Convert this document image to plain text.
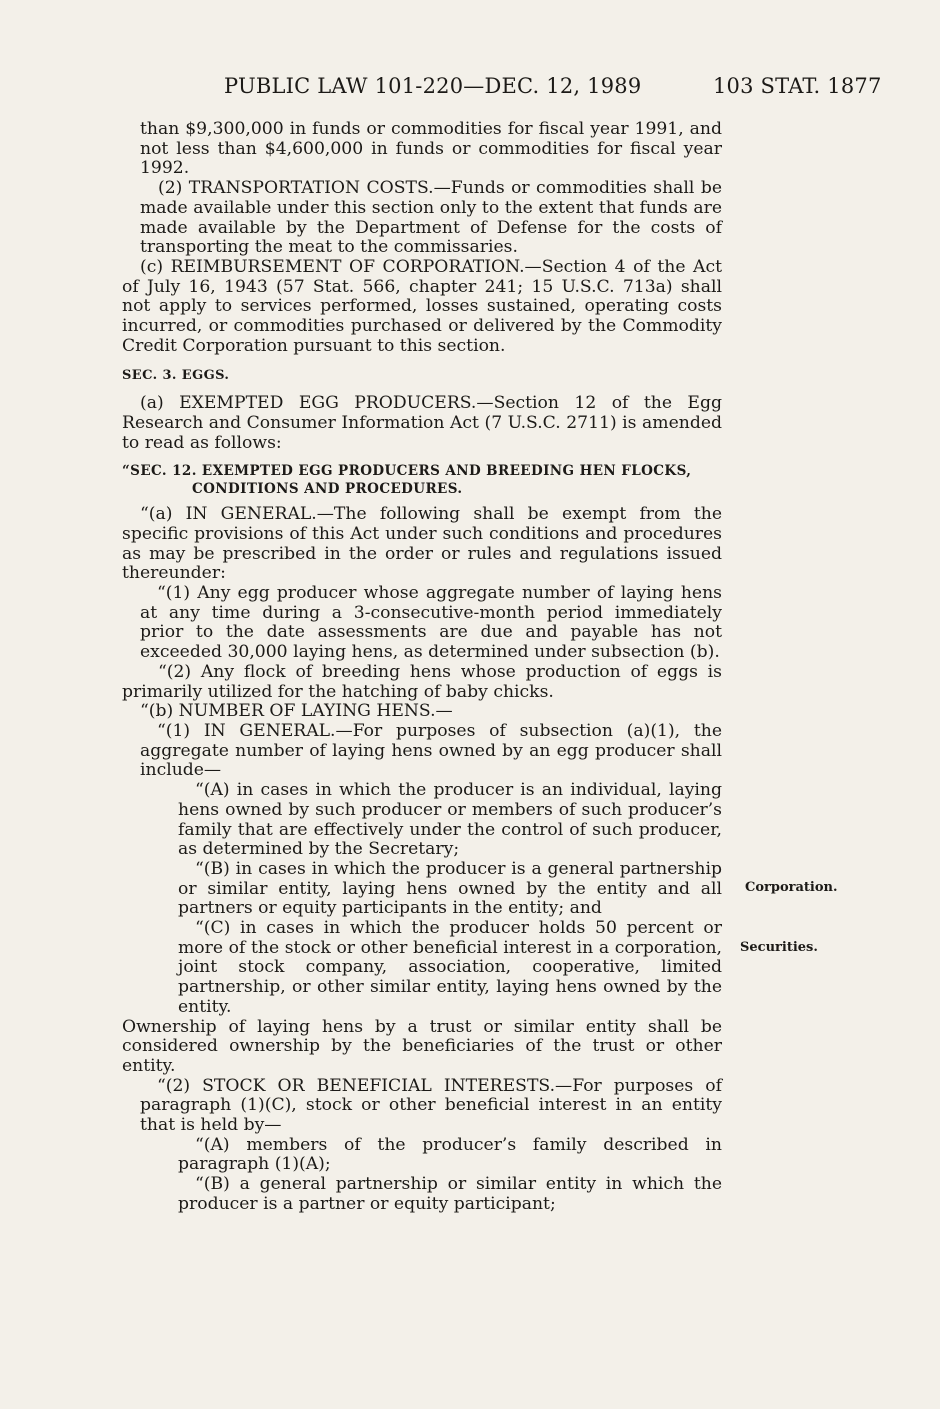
PUBLIC LAW 101-220—DEC. 12, 1989	103 STAT. 1877
Corporation.
Securities.

than $9,300,000 in funds or commodities for fiscal year 1991, and not less than $4,600,000 in funds or commodities for fiscal year 1992.

(2) TRANSPORTATION COSTS.—Funds or commodities shall be made available under this section only to the extent that funds are made available by the Department of Defense for the costs of transporting the meat to the commissaries.

(c) REIMBURSEMENT OF CORPORATION.—Section 4 of the Act of July 16, 1943 (57 Stat. 566, chapter 241; 15 U.S.C. 713a) shall not apply to services performed, losses sustained, operating costs incurred, or commodities purchased or delivered by the Commodity Credit Corporation pursuant to this section.

SEC. 3. EGGS.

(a) EXEMPTED EGG PRODUCERS.—Section 12 of the Egg Research and Consumer Information Act (7 U.S.C. 2711) is amended to read as follows:

“SEC. 12. EXEMPTED EGG PRODUCERS AND BREEDING HEN FLOCKS,
CONDITIONS AND PROCEDURES.

“(a) IN GENERAL.—The following shall be exempt from the specific provisions of this Act under such conditions and procedures as may be prescribed in the order or rules and regulations issued thereunder:

“(1) Any egg producer whose aggregate number of laying hens at any time during a 3-consecutive-month period immediately prior to the date assessments are due and payable has not exceeded 30,000 laying hens, as determined under subsection (b).

“(2) Any flock of breeding hens whose production of eggs is primarily utilized for the hatching of baby chicks.

“(b) NUMBER OF LAYING HENS.—

“(1) IN GENERAL.—For purposes of subsection (a)(1), the aggregate number of laying hens owned by an egg producer shall include—

“(A) in cases in which the producer is an individual, laying hens owned by such producer or members of such producer’s family that are effectively under the control of such producer, as determined by the Secretary;

“(B) in cases in which the producer is a general partnership or similar entity, laying hens owned by the entity and all partners or equity participants in the entity; and

“(C) in cases in which the producer holds 50 percent or more of the stock or other beneficial interest in a corporation, joint stock company, association, cooperative, limited partnership, or other similar entity, laying hens owned by the entity.

Ownership of laying hens by a trust or similar entity shall be considered ownership by the beneficiaries of the trust or other entity.

“(2) STOCK OR BENEFICIAL INTERESTS.—For purposes of paragraph (1)(C), stock or other beneficial interest in an entity that is held by—

“(A) members of the producer’s family described in paragraph (1)(A);

“(B) a general partnership or similar entity in which the producer is a partner or equity participant;
